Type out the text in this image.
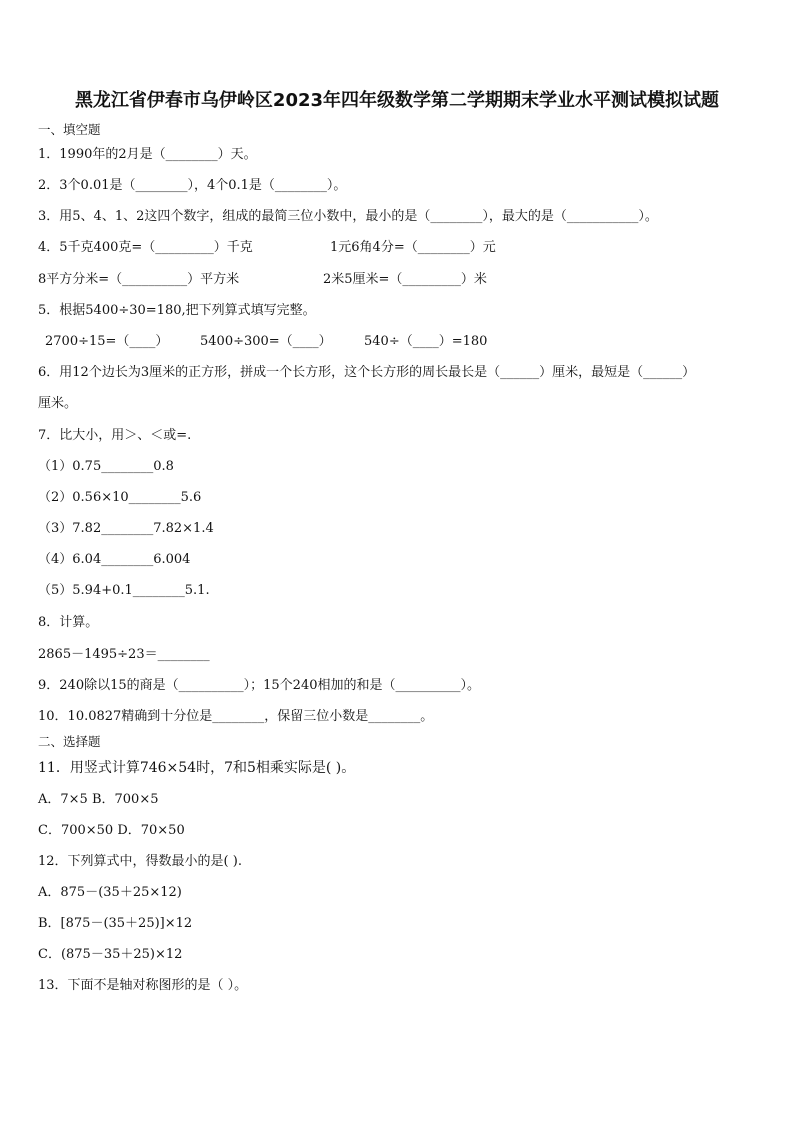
黑龙江省伊春市乌伊岭区2023年四年级数学第二学期期末学业水平测试模拟试题
一、填空题
1．1990年的2月是（________）天。
2．3个0.01是（________），4个0.1是（________）。
3．用5、4、1、2这四个数字，组成的最简三位小数中，最小的是（________），最大的是（___________）。
4．5千克400克=（_________）千克	1元6角4分=（________）元
8平方分米=（__________）平方米	2米5厘米=（_________）米
5．根据5400÷30=180,把下列算式填写完整。
2700÷15=（____） 5400÷300=（____） 540÷（____）=180
6．用12个边长为3厘米的正方形，拼成一个长方形，这个长方形的周长最长是（______）厘米，最短是（______）
厘米。
7．比大小，用＞、＜或=.
（1）0.75________0.8
（2）0.56×10________5.6
（3）7.82________7.82×1.4
（4）6.04________6.004
（5）5.94+0.1________5.1.
8．计算。
2865－1495÷23＝________
9．240除以15的商是（__________）；15个240相加的和是（__________）。
10．10.0827精确到十分位是________，保留三位小数是________。
二、选择题
11．用竖式计算746×54时，7和5相乘实际是( )。
A．7×5 B．700×5
C．700×50 D．70×50
12．下列算式中，得数最小的是( ).
A．875－(35＋25×12)
B．[875－(35＋25)]×12
C．(875－35＋25)×12
13．下面不是轴对称图形的是（ ）。
